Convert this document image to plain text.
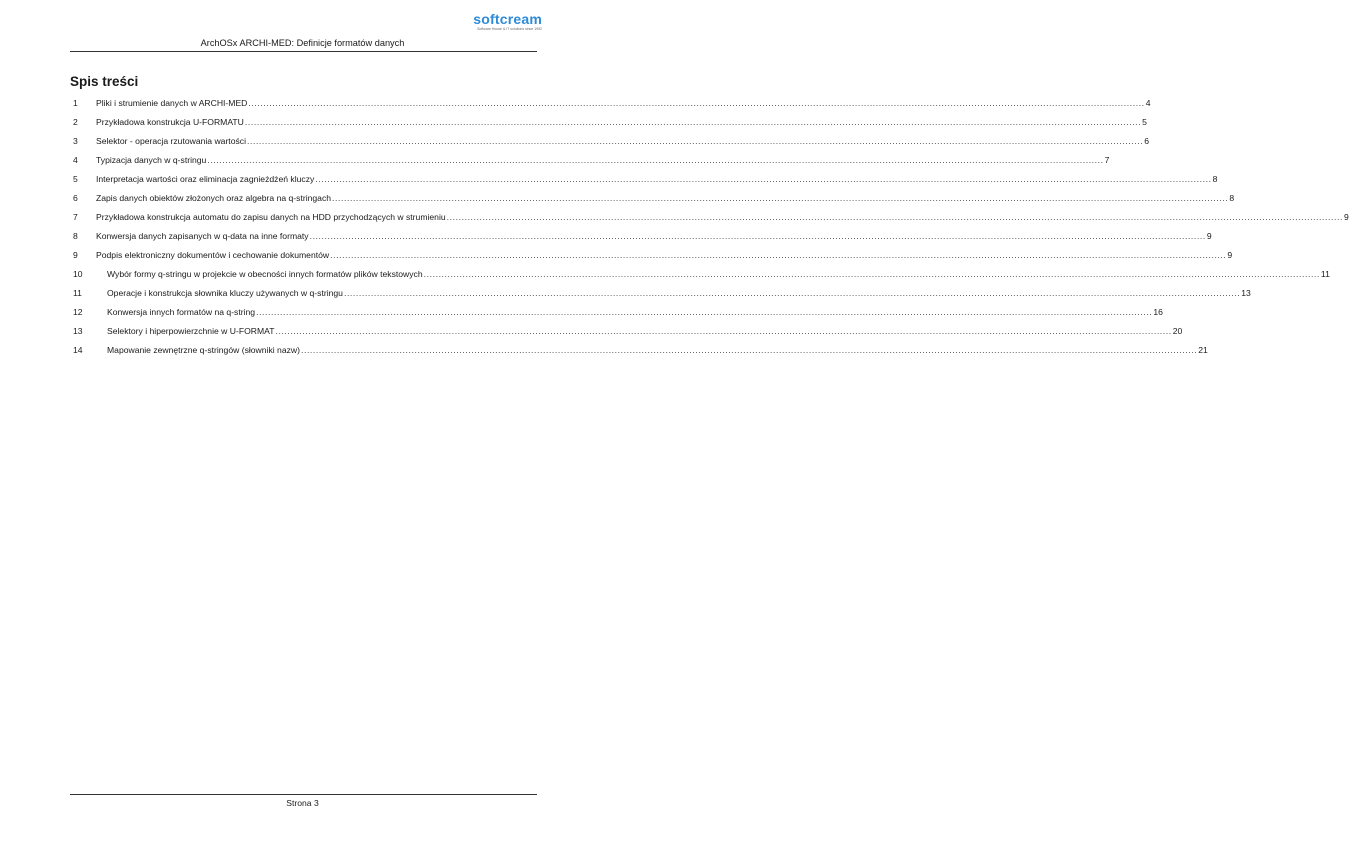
softcream
Software House & IT solutions since 1992
ArchOSx ARCHI-MED: Definicje formatów danych
Spis treści
1 Pliki i strumienie danych w ARCHI-MED ............................................................................................................................................................................................................................................................................................................ 4
2 Przykładowa konstrukcja U-FORMATU ............................................................................................................................................................................................................................................................................................................ 5
3 Selektor - operacja rzutowania wartości ............................................................................................................................................................................................................................................................................................................ 6
4 Typizacja danych w q-stringu ............................................................................................................................................................................................................................................................................................................ 7
5 Interpretacja wartości oraz eliminacja zagnieżdżeń kluczy ............................................................................................................................................................................................................................................................................................................ 8
6 Zapis danych obiektów złożonych oraz algebra na q-stringach ............................................................................................................................................................................................................................................................................................................ 8
7 Przykładowa konstrukcja automatu do zapisu danych na HDD przychodzących w strumieniu ............................................................................................................................................................................................................................................................................................................ 9
8 Konwersja danych zapisanych w q-data na inne formaty ............................................................................................................................................................................................................................................................................................................ 9
9 Podpis elektroniczny dokumentów i cechowanie dokumentów ............................................................................................................................................................................................................................................................................................................ 9
10	Wybór formy q-stringu w projekcie w obecności innych formatów plików tekstowych ............................................................................................................................................................................................................................................................................................................ 11
11	Operacje i konstrukcja słownika kluczy używanych w q-stringu ............................................................................................................................................................................................................................................................................................................ 13
12	Konwersja innych formatów na q-string ............................................................................................................................................................................................................................................................................................................ 16
13	Selektory i hiperpowierzchnie w U-FORMAT ............................................................................................................................................................................................................................................................................................................ 20
14	Mapowanie zewnętrzne q-stringów (słowniki nazw) ............................................................................................................................................................................................................................................................................................................ 21
Strona 3
